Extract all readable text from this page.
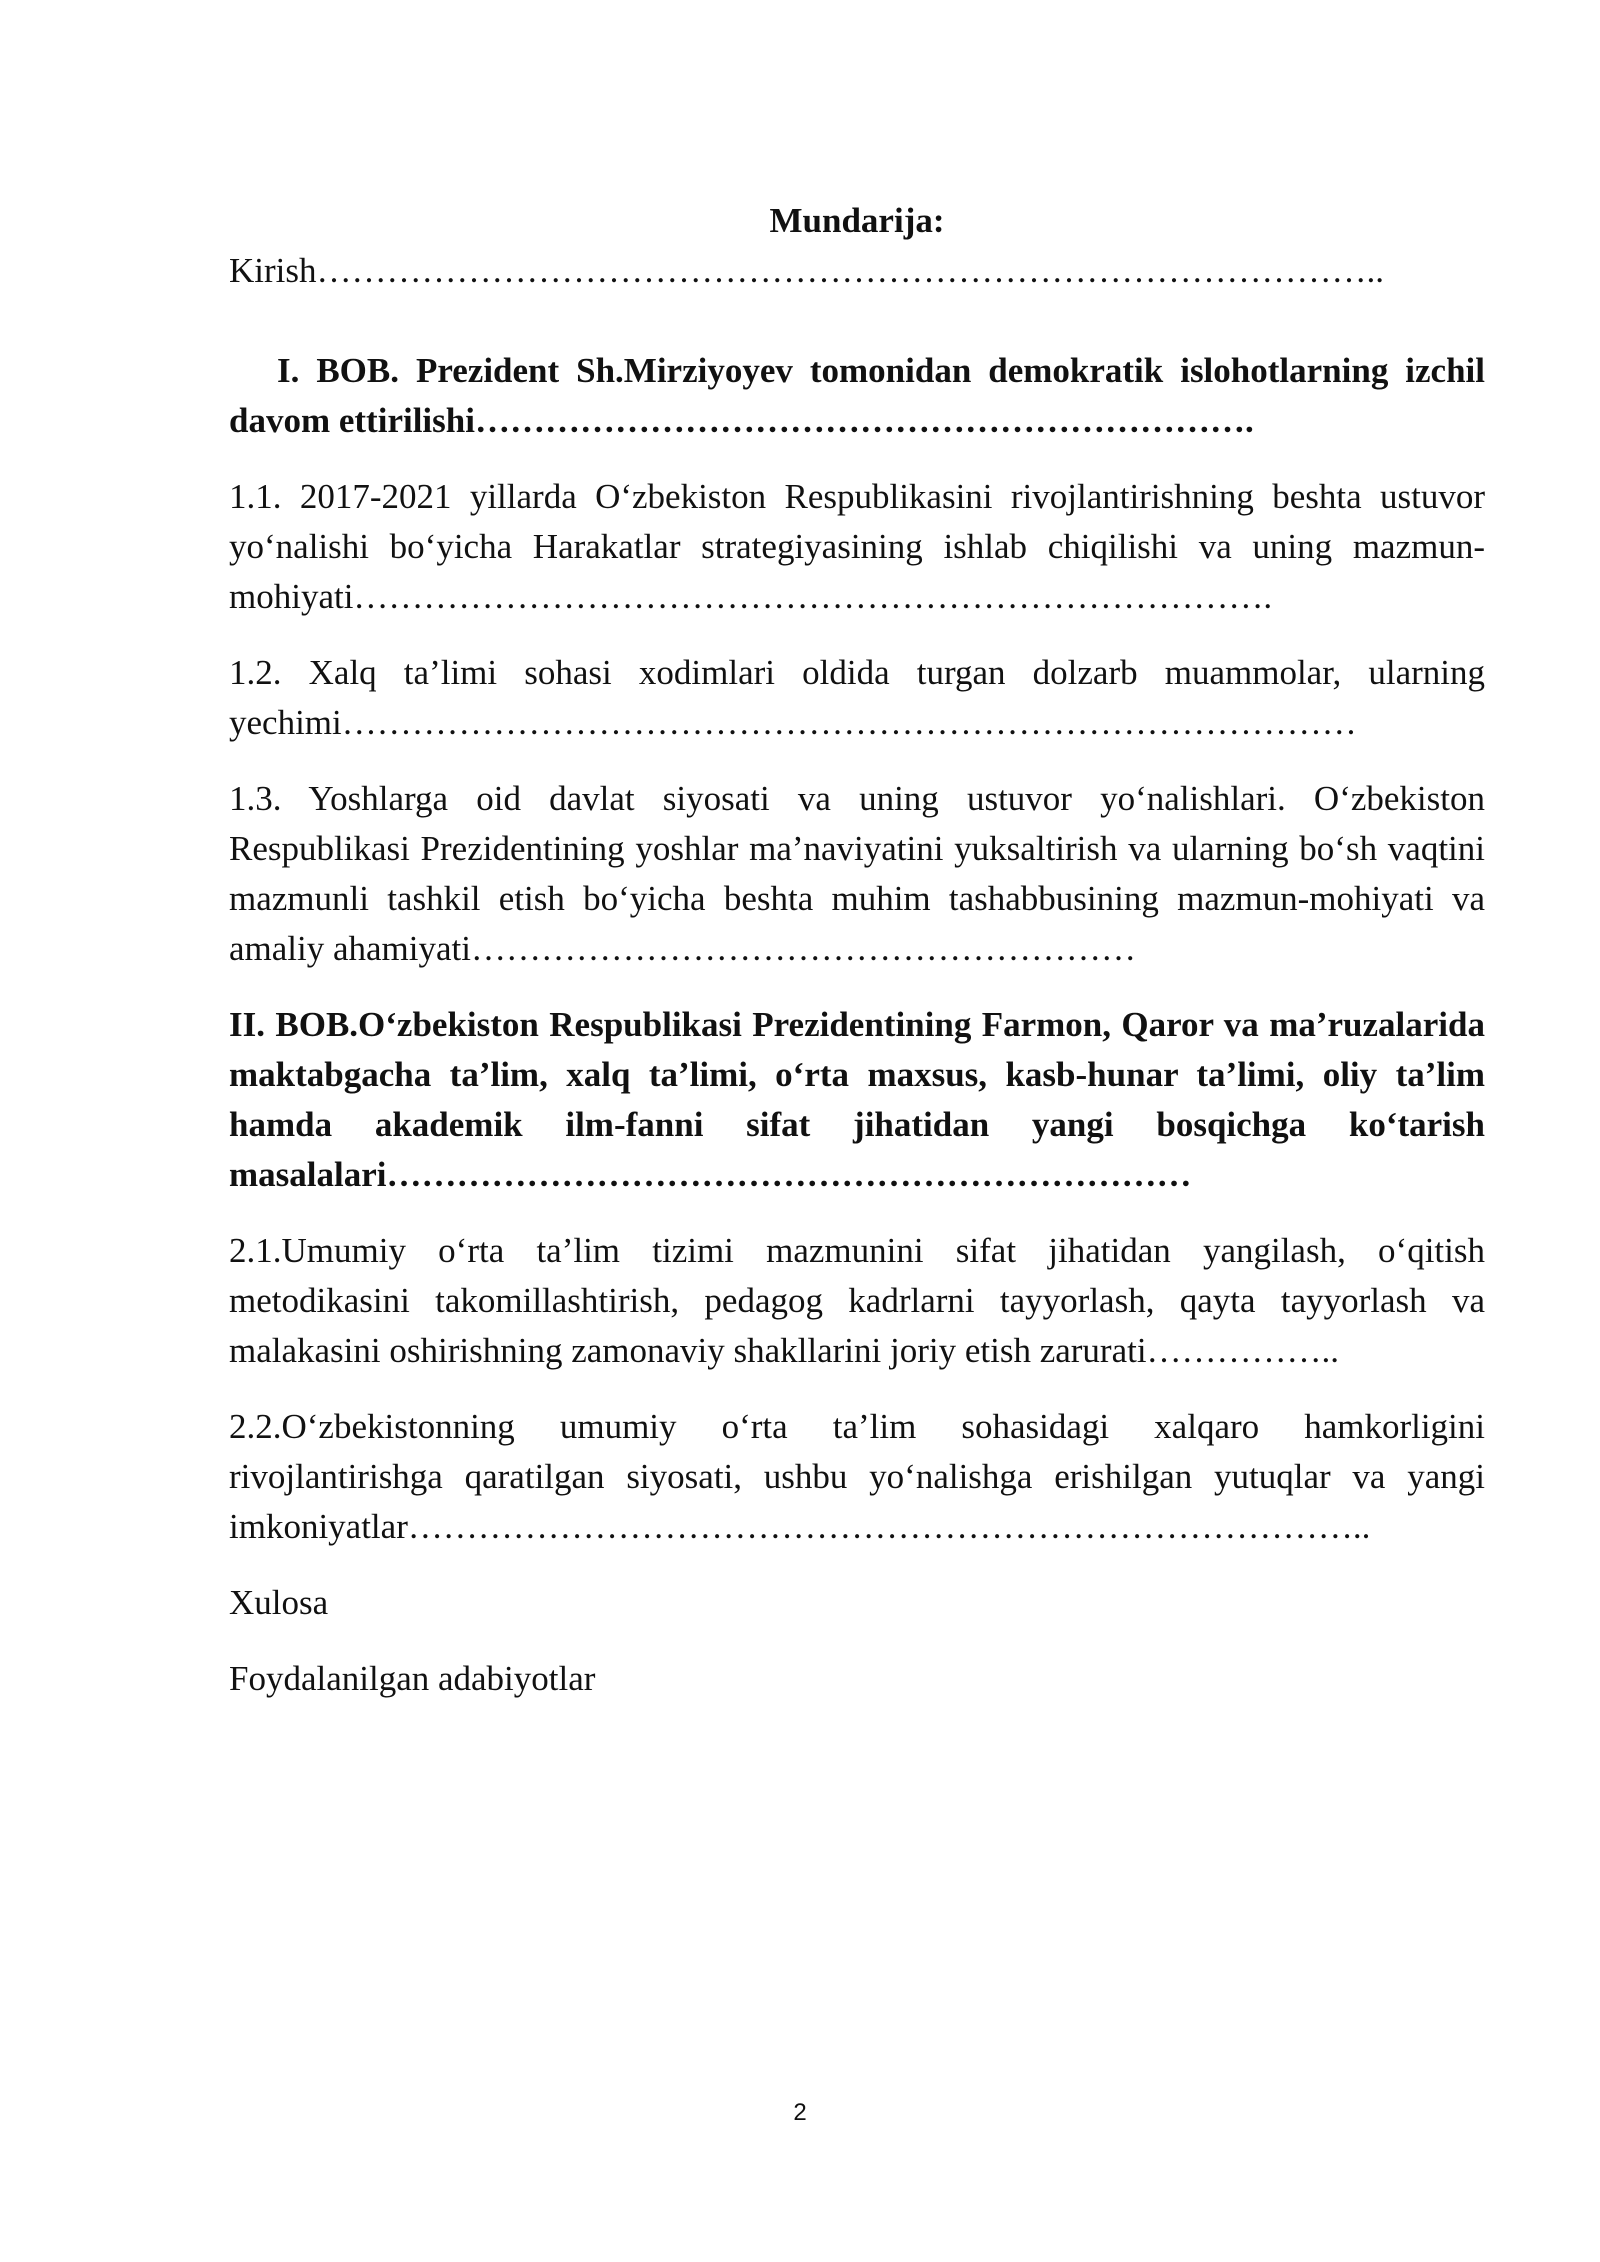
Mundarija:
Kirish………………………………………………………………………………..
I. BOB. Prezident Sh.Mirziyoyev tomonidan demokratik islohotlarning izchil davom ettirilishi………………………………………………………….
1.1. 2017-2021 yillarda O‘zbekiston Respublikasini rivojlantirishning beshta ustuvor yo‘nalishi bo‘yicha Harakatlar strategiyasining ishlab chiqilishi va uning mazmun-mohiyati…………………………………………………………………….
1.2. Xalq ta’limi sohasi xodimlari oldida turgan dolzarb muammolar, ularning yechimi……………………………………………………………………………
1.3. Yoshlarga oid davlat siyosati va uning ustuvor yo‘nalishlari. O‘zbekiston Respublikasi Prezidentining yoshlar ma’naviyatini yuksaltirish va ularning bo‘sh vaqtini mazmunli tashkil etish bo‘yicha beshta muhim tashabbusining mazmun-mohiyati va amaliy ahamiyati…………………………………………………
II. BOB.O‘zbekiston Respublikasi Prezidentining Farmon, Qaror va ma’ruzalarida maktabgacha ta’lim, xalq ta’limi, o‘rta maxsus, kasb-hunar ta’limi, oliy ta’lim hamda akademik ilm-fanni sifat jihatidan yangi bosqichga ko‘tarish masalalari……………………………………………………………
2.1.Umumiy o‘rta ta’lim tizimi mazmunini sifat jihatidan yangilash, o‘qitish metodikasini takomillashtirish, pedagog kadrlarni tayyorlash, qayta tayyorlash va malakasini oshirishning zamonaviy shakllarini joriy etish zarurati……………..
2.2.O‘zbekistonning umumiy o‘rta ta’lim sohasidagi xalqaro hamkorligini rivojlantirishga qaratilgan siyosati, ushbu yo‘nalishga erishilgan yutuqlar va yangi imkoniyatlar………………………………………………………………………..
Xulosa
Foydalanilgan adabiyotlar
2
